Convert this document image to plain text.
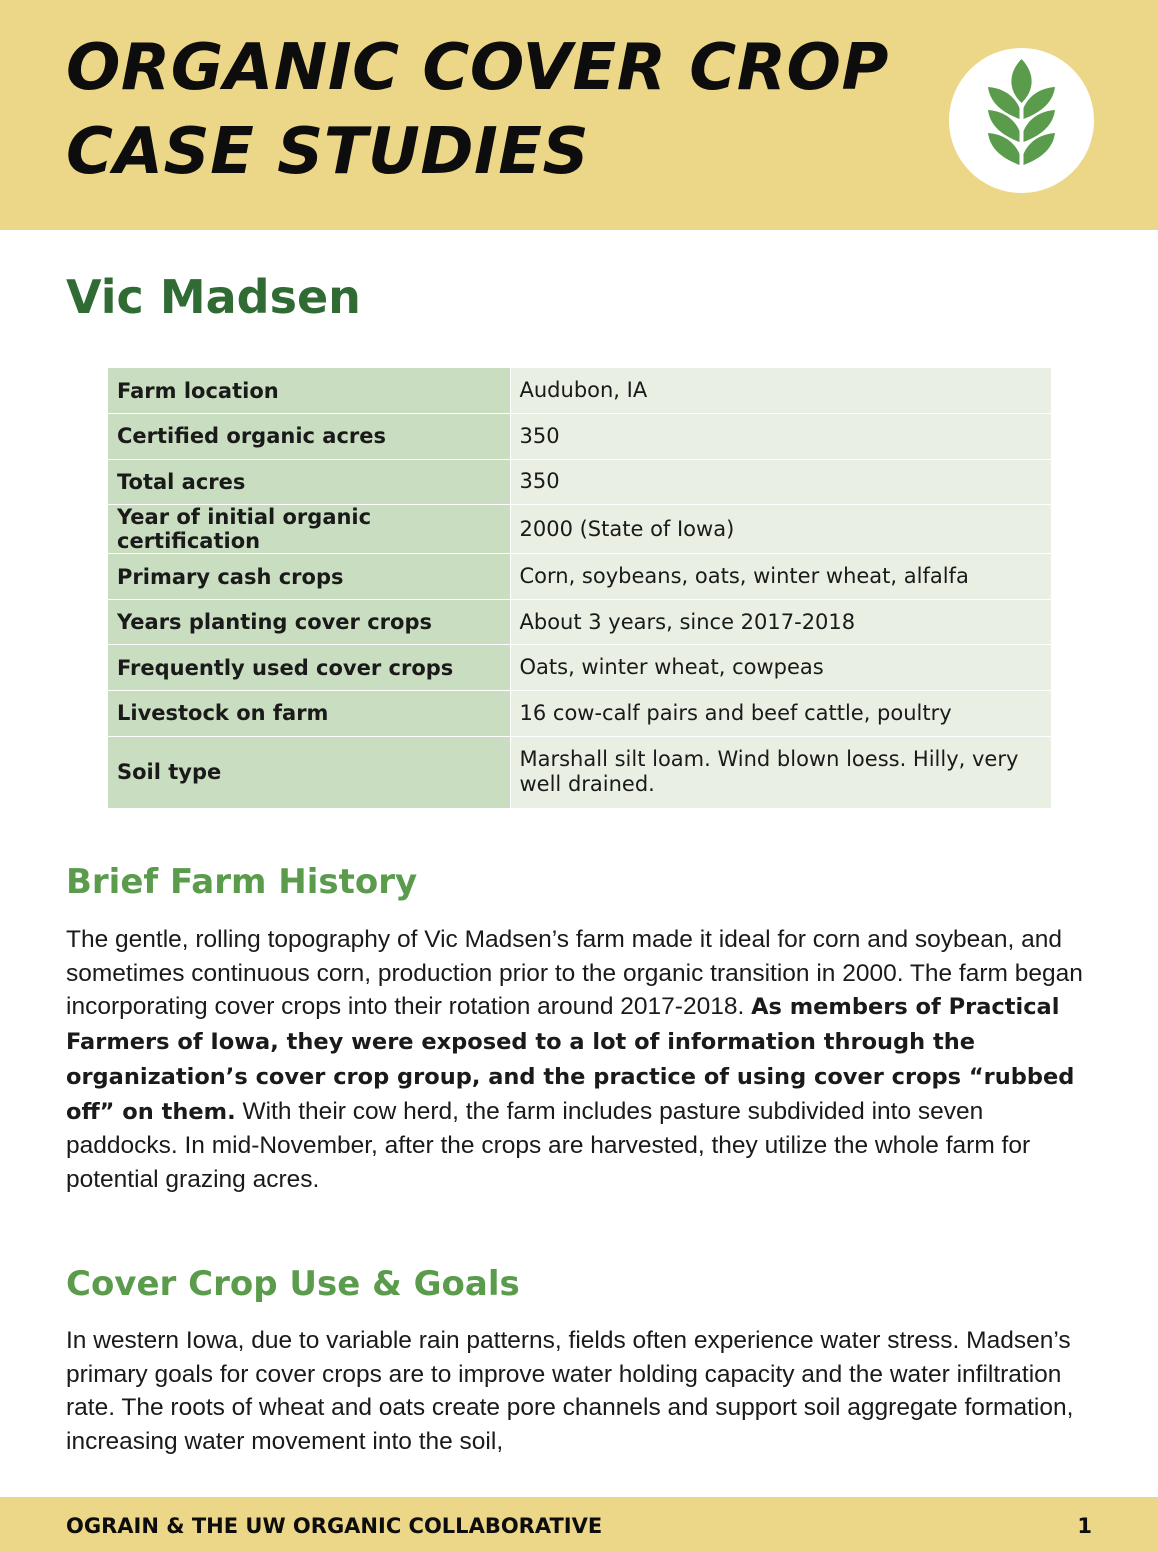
ORGANIC COVER CROP
CASE STUDIES
Vic Madsen
Farm location	Audubon, IA
Certified organic acres	350
Total acres	350
Year of initial organic certification	2000 (State of Iowa)
Primary cash crops	Corn, soybeans, oats, winter wheat, alfalfa
Years planting cover crops	About 3 years, since 2017-2018
Frequently used cover crops	Oats, winter wheat, cowpeas
Livestock on farm	16 cow-calf pairs and beef cattle, poultry
Soil type	Marshall silt loam. Wind blown loess. Hilly, very well drained.
Brief Farm History

The gentle, rolling topography of Vic Madsen’s farm made it ideal for corn and soybean, and sometimes continuous corn, production prior to the organic transition in 2000. The farm began incorporating cover crops into their rotation around 2017-2018. As members of Practical Farmers of Iowa, they were exposed to a lot of information through the organization’s cover crop group, and the practice of using cover crops “rubbed off” on them. With their cow herd, the farm includes pasture subdivided into seven paddocks. In mid-November, after the crops are harvested, they utilize the whole farm for potential grazing acres.

Cover Crop Use & Goals

In western Iowa, due to variable rain patterns, fields often experience water stress. Madsen’s primary goals for cover crops are to improve water holding capacity and the water infiltration rate. The roots of wheat and oats create pore channels and support soil aggregate formation, increasing water movement into the soil,

OGRAIN & THE UW ORGANIC COLLABORATIVE	1
